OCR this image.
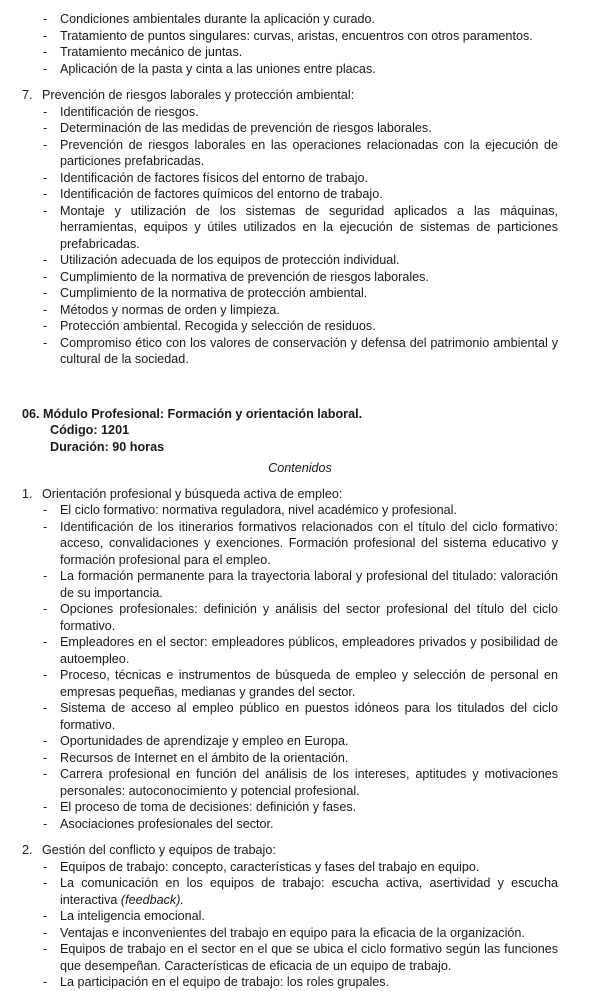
-	Condiciones ambientales durante la aplicación y curado.
-	Tratamiento de puntos singulares: curvas, aristas, encuentros con otros paramentos.
-	Tratamiento mecánico de juntas.
-	Aplicación de la pasta y cinta a las uniones entre placas.
7. Prevención de riesgos laborales y protección ambiental:
-	Identificación de riesgos.
-	Determinación de las medidas de prevención de riesgos laborales.
-	Prevención de riesgos laborales en las operaciones relacionadas con la ejecución de particiones prefabricadas.
-	Identificación de factores físicos del entorno de trabajo.
-	Identificación de factores químicos del entorno de trabajo.
-	Montaje y utilización de los sistemas de seguridad aplicados a las máquinas, herramientas, equipos y útiles utilizados en la ejecución de sistemas de particiones prefabricadas.
-	Utilización adecuada de los equipos de protección individual.
-	Cumplimiento de la normativa de prevención de riesgos laborales.
-	Cumplimiento de la normativa de protección ambiental.
-	Métodos y normas de orden y limpieza.
-	Protección ambiental. Recogida y selección de residuos.
-	Compromiso ético con los valores de conservación y defensa del patrimonio ambiental y cultural de la sociedad.
06. Módulo Profesional: Formación y orientación laboral.
Código: 1201
Duración: 90 horas
Contenidos
1. Orientación profesional y búsqueda activa de empleo:
-	El ciclo formativo: normativa reguladora, nivel académico y profesional.
-	Identificación de los itinerarios formativos relacionados con el título del ciclo formativo: acceso, convalidaciones y exenciones. Formación profesional del sistema educativo y formación profesional para el empleo.
-	La formación permanente para la trayectoria laboral y profesional del titulado: valoración de su importancia.
-	Opciones profesionales: definición y análisis del sector profesional del título del ciclo formativo.
-	Empleadores en el sector: empleadores públicos, empleadores privados y posibilidad de autoempleo.
-	Proceso, técnicas e instrumentos de búsqueda de empleo y selección de personal en empresas pequeñas, medianas y grandes del sector.
-	Sistema de acceso al empleo público en puestos idóneos para los titulados del ciclo formativo.
-	Oportunidades de aprendizaje y empleo en Europa.
-	Recursos de Internet en el ámbito de la orientación.
-	Carrera profesional en función del análisis de los intereses, aptitudes y motivaciones personales: autoconocimiento y potencial profesional.
-	El proceso de toma de decisiones: definición y fases.
-	Asociaciones profesionales del sector.
2. Gestión del conflicto y equipos de trabajo:
-	Equipos de trabajo: concepto, características y fases del trabajo en equipo.
-	La comunicación en los equipos de trabajo: escucha activa, asertividad y escucha interactiva (feedback).
-	La inteligencia emocional.
-	Ventajas e inconvenientes del trabajo en equipo para la eficacia de la organización.
-	Equipos de trabajo en el sector en el que se ubica el ciclo formativo según las funciones que desempeñan. Características de eficacia de un equipo de trabajo.
-	La participación en el equipo de trabajo: los roles grupales.
